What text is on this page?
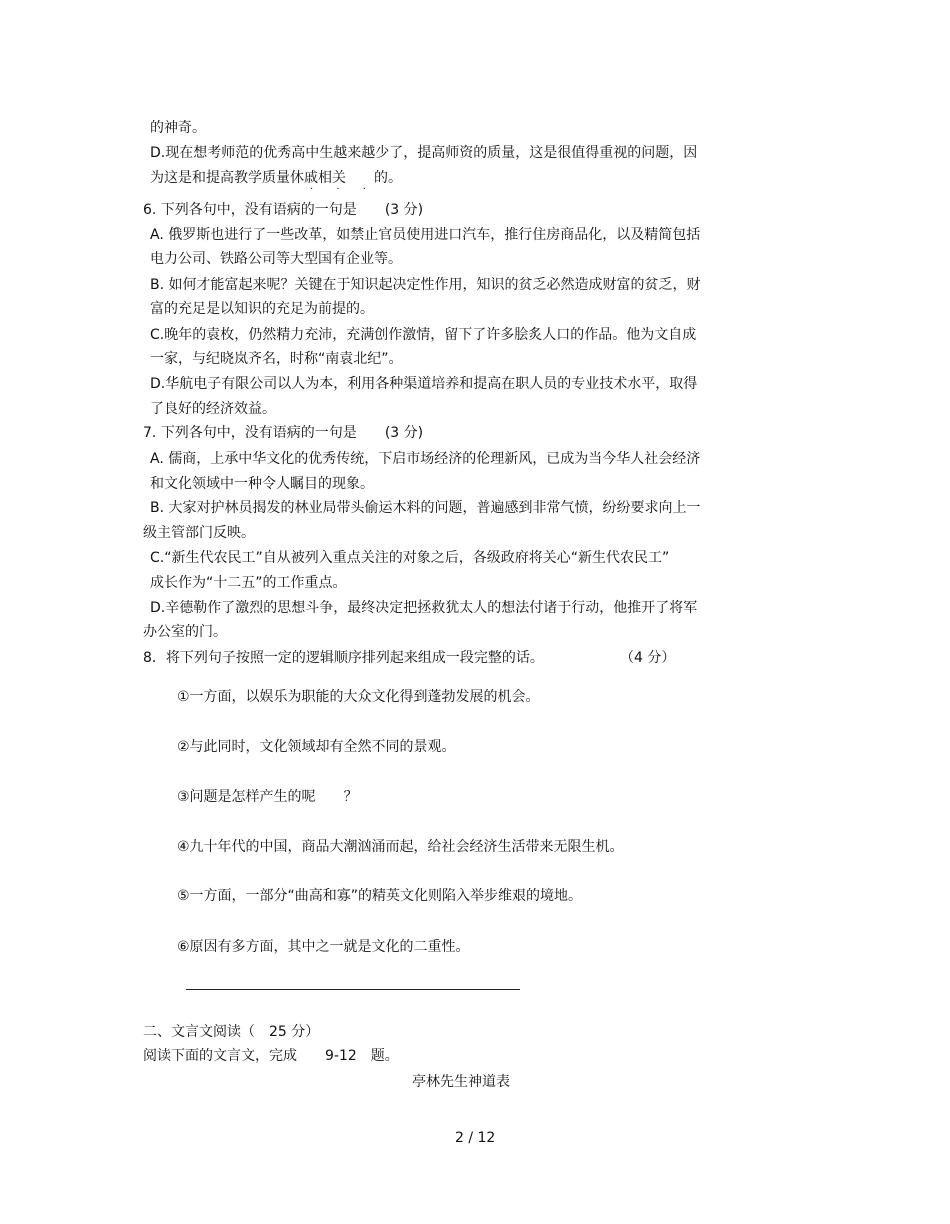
的神奇。
D.现在想考师范的优秀高中生越来越少了，提高师资的质量，这是很值得重视的问题，因
为这是和提高教学质量休戚相关
· · ·
的。
6. 下列各句中，没有语病的一句是 (3 分)
A. 俄罗斯也进行了一些改革，如禁止官员使用进口汽车，推行住房商品化，以及精简包括
电力公司、铁路公司等大型国有企业等。
B. 如何才能富起来呢？关键在于知识起决定性作用，知识的贫乏必然造成财富的贫乏，财
富的充足是以知识的充足为前提的。
C.晚年的袁枚，仍然精力充沛，充满创作激情，留下了许多脍炙人口的作品。他为文自成
一家，与纪晓岚齐名，时称“南袁北纪”。
D.华航电子有限公司以人为本，利用各种渠道培养和提高在职人员的专业技术水平，取得
了良好的经济效益。
7. 下列各句中，没有语病的一句是 (3 分)
A. 儒商，上承中华文化的优秀传统，下启市场经济的伦理新风，已成为当今华人社会经济
和文化领域中一种令人瞩目的现象。
B. 大家对护林员揭发的林业局带头偷运木料的问题，普遍感到非常气愤，纷纷要求向上一
级主管部门反映。
C.“新生代农民工”自从被列入重点关注的对象之后，各级政府将关心“新生代农民工”
成长作为“十二五”的工作重点。
D.辛德勒作了激烈的思想斗争，最终决定把拯救犹太人的想法付诸于行动，他推开了将军
办公室的门。
8．将下列句子按照一定的逻辑顺序排列起来组成一段完整的话。	（4 分）
①一方面，以娱乐为职能的大众文化得到蓬勃发展的机会。
②与此同时，文化领域却有全然不同的景观。
③问题是怎样产生的呢 ？
④九十年代的中国，商品大潮汹涌而起，给社会经济生活带来无限生机。
⑤一方面，一部分“曲高和寡”的精英文化则陷入举步维艰的境地。
⑥原因有多方面，其中之一就是文化的二重性。
二、文言文阅读（ 25 分）
阅读下面的文言文，完成 9-12 题。
亭林先生神道表
2 / 12
